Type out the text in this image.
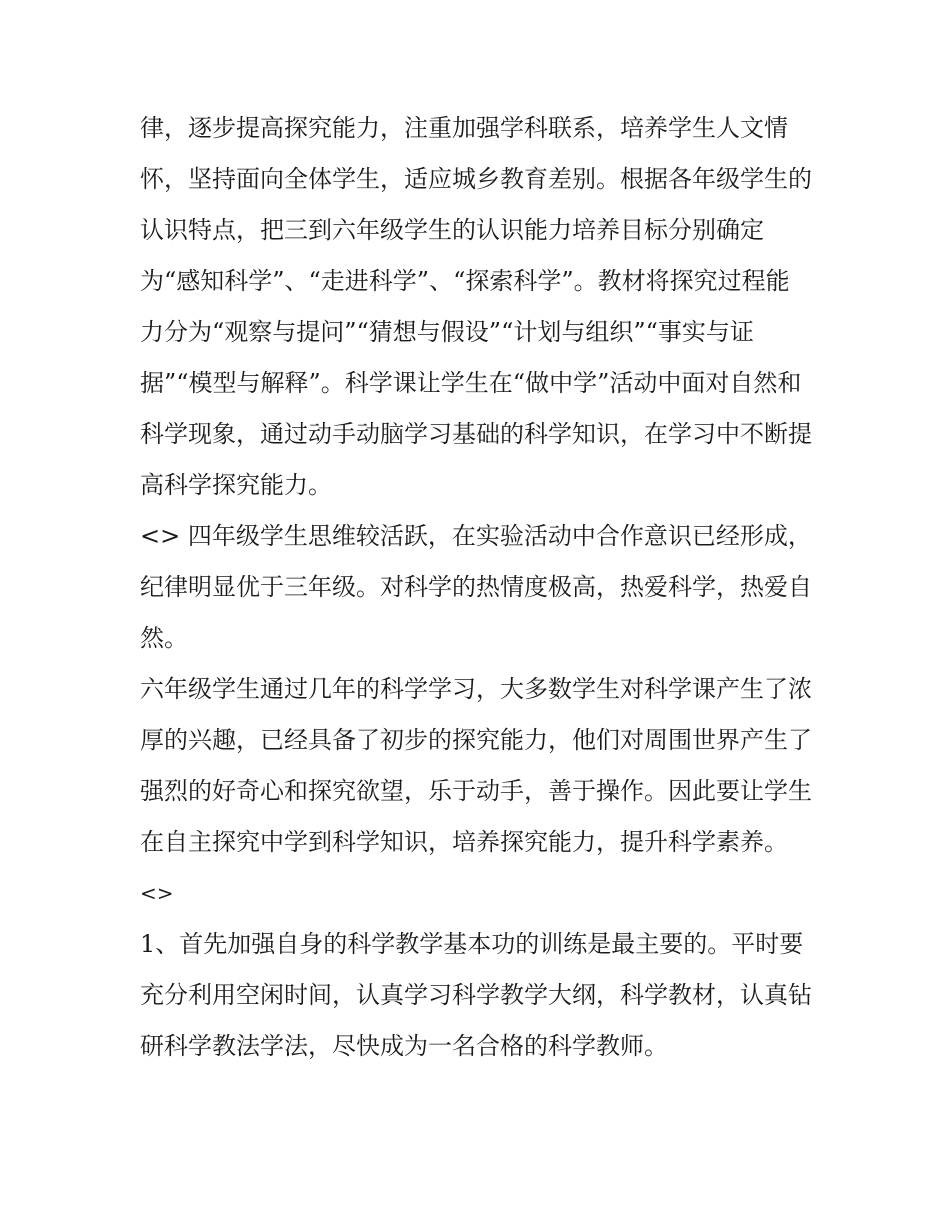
律，逐步提高探究能力，注重加强学科联系，培养学生人文情怀，坚持面向全体学生，适应城乡教育差别。根据各年级学生的认识特点，把三到六年级学生的认识能力培养目标分别确定为“感知科学”、“走进科学”、“探索科学”。教材将探究过程能力分为“观察与提问”“猜想与假设”“计划与组织”“事实与证据”“模型与解释”。科学课让学生在“做中学”活动中面对自然和科学现象，通过动手动脑学习基础的科学知识，在学习中不断提高科学探究能力。

<> 四年级学生思维较活跃，在实验活动中合作意识已经形成，纪律明显优于三年级。对科学的热情度极高，热爱科学，热爱自然。

六年级学生通过几年的科学学习，大多数学生对科学课产生了浓厚的兴趣，已经具备了初步的探究能力，他们对周围世界产生了强烈的好奇心和探究欲望，乐于动手，善于操作。因此要让学生在自主探究中学到科学知识，培养探究能力，提升科学素养。

<>

1、首先加强自身的科学教学基本功的训练是最主要的。平时要充分利用空闲时间，认真学习科学教学大纲，科学教材，认真钻研科学教法学法，尽快成为一名合格的科学教师。
